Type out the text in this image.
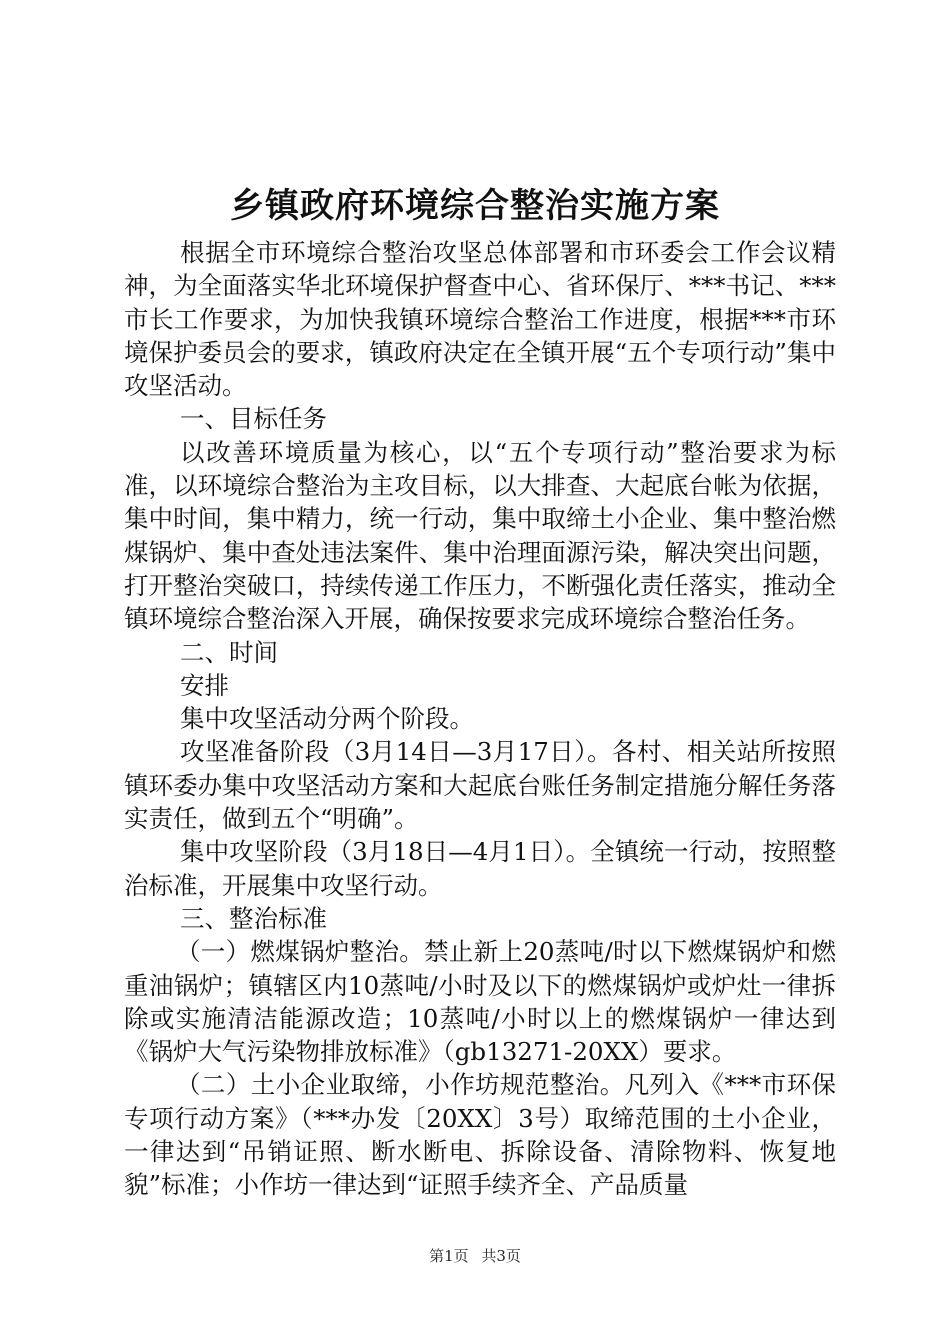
乡镇政府环境综合整治实施方案

根据全市环境综合整治攻坚总体部署和市环委会工作会议精神，为全面落实华北环境保护督查中心、省环保厅、***书记、***市长工作要求，为加快我镇环境综合整治工作进度，根据***市环境保护委员会的要求，镇政府决定在全镇开展“五个专项行动”集中攻坚活动。

一、目标任务

以改善环境质量为核心，以“五个专项行动”整治要求为标准，以环境综合整治为主攻目标，以大排查、大起底台帐为依据，集中时间，集中精力，统一行动，集中取缔土小企业、集中整治燃煤锅炉、集中查处违法案件、集中治理面源污染，解决突出问题，打开整治突破口，持续传递工作压力，不断强化责任落实，推动全镇环境综合整治深入开展，确保按要求完成环境综合整治任务。

二、时间

安排

集中攻坚活动分两个阶段。

攻坚准备阶段（3月14日—3月17日）。各村、相关站所按照镇环委办集中攻坚活动方案和大起底台账任务制定措施分解任务落实责任，做到五个“明确”。

集中攻坚阶段（3月18日—4月1日）。全镇统一行动，按照整治标准，开展集中攻坚行动。

三、整治标准

（一）燃煤锅炉整治。禁止新上20蒸吨/时以下燃煤锅炉和燃重油锅炉；镇辖区内10蒸吨/小时及以下的燃煤锅炉或炉灶一律拆除或实施清洁能源改造；10蒸吨/小时以上的燃煤锅炉一律达到《锅炉大气污染物排放标准》（gb13271-20XX）要求。

（二）土小企业取缔，小作坊规范整治。凡列入《***市环保专项行动方案》（***办发〔20XX〕3号）取缔范围的土小企业，一律达到“吊销证照、断水断电、拆除设备、清除物料、恢复地貌”标准；小作坊一律达到“证照手续齐全、产品质量

第1页 共3页
